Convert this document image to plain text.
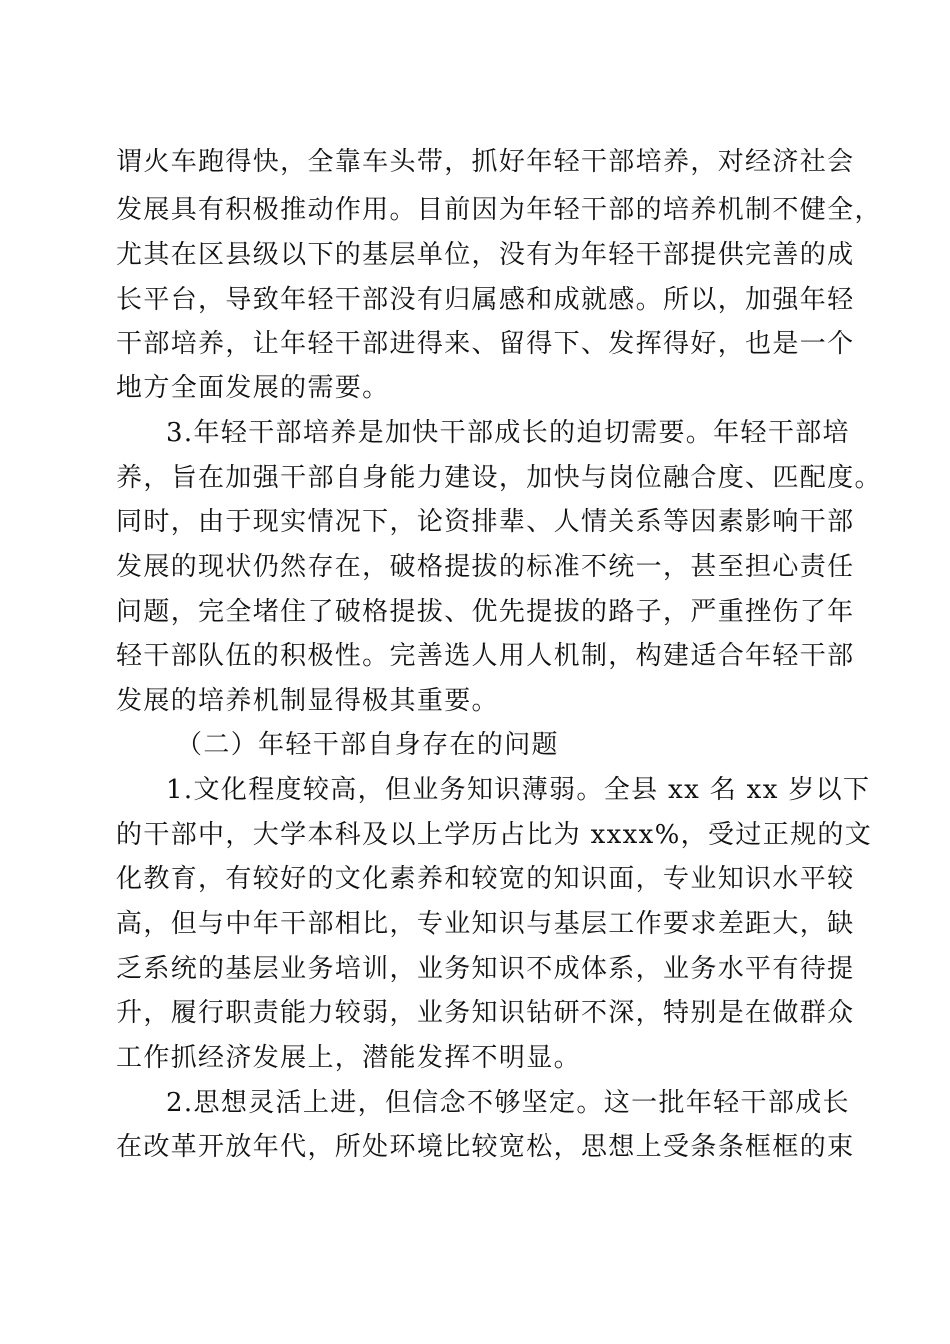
谓火车跑得快，全靠车头带，抓好年轻干部培养，对经济社会
发展具有积极推动作用。目前因为年轻干部的培养机制不健全，
尤其在区县级以下的基层单位，没有为年轻干部提供完善的成
长平台，导致年轻干部没有归属感和成就感。所以，加强年轻
干部培养，让年轻干部进得来、留得下、发挥得好，也是一个
地方全面发展的需要。
3.年轻干部培养是加快干部成长的迫切需要。年轻干部培
养，旨在加强干部自身能力建设，加快与岗位融合度、匹配度。
同时，由于现实情况下，论资排辈、人情关系等因素影响干部
发展的现状仍然存在，破格提拔的标准不统一，甚至担心责任
问题，完全堵住了破格提拔、优先提拔的路子，严重挫伤了年
轻干部队伍的积极性。完善选人用人机制，构建适合年轻干部
发展的培养机制显得极其重要。
（二）年轻干部自身存在的问题
1.文化程度较高，但业务知识薄弱。全县 xx 名 xx 岁以下
的干部中，大学本科及以上学历占比为 xxxx%，受过正规的文
化教育，有较好的文化素养和较宽的知识面，专业知识水平较
高，但与中年干部相比，专业知识与基层工作要求差距大，缺
乏系统的基层业务培训，业务知识不成体系，业务水平有待提
升，履行职责能力较弱，业务知识钻研不深，特别是在做群众
工作抓经济发展上，潜能发挥不明显。
2.思想灵活上进，但信念不够坚定。这一批年轻干部成长
在改革开放年代，所处环境比较宽松，思想上受条条框框的束
